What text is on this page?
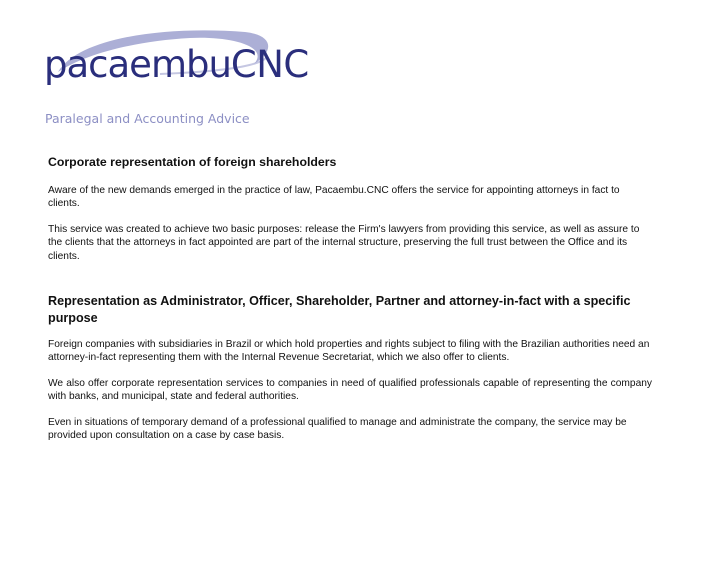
pacaembuCNC
Paralegal and Accounting Advice
Corporate representation of foreign shareholders

Aware of the new demands emerged in the practice of law, Pacaembu.CNC offers the service for appointing attorneys in fact to clients.

This service was created to achieve two basic purposes: release the Firm's lawyers from providing this service, as well as assure to the clients that the attorneys in fact appointed are part of the internal structure, preserving the full trust between the Office and its clients.

Representation as Administrator, Officer, Shareholder, Partner and attorney-in-fact with a specific purpose

Foreign companies with subsidiaries in Brazil or which hold properties and rights subject to filing with the Brazilian authorities need an attorney-in-fact representing them with the Internal Revenue Secretariat, which we also offer to clients.

We also offer corporate representation services to companies in need of qualified professionals capable of representing the company with banks, and municipal, state and federal authorities.

Even in situations of temporary demand of a professional qualified to manage and administrate the company, the service may be provided upon consultation on a case by case basis.
